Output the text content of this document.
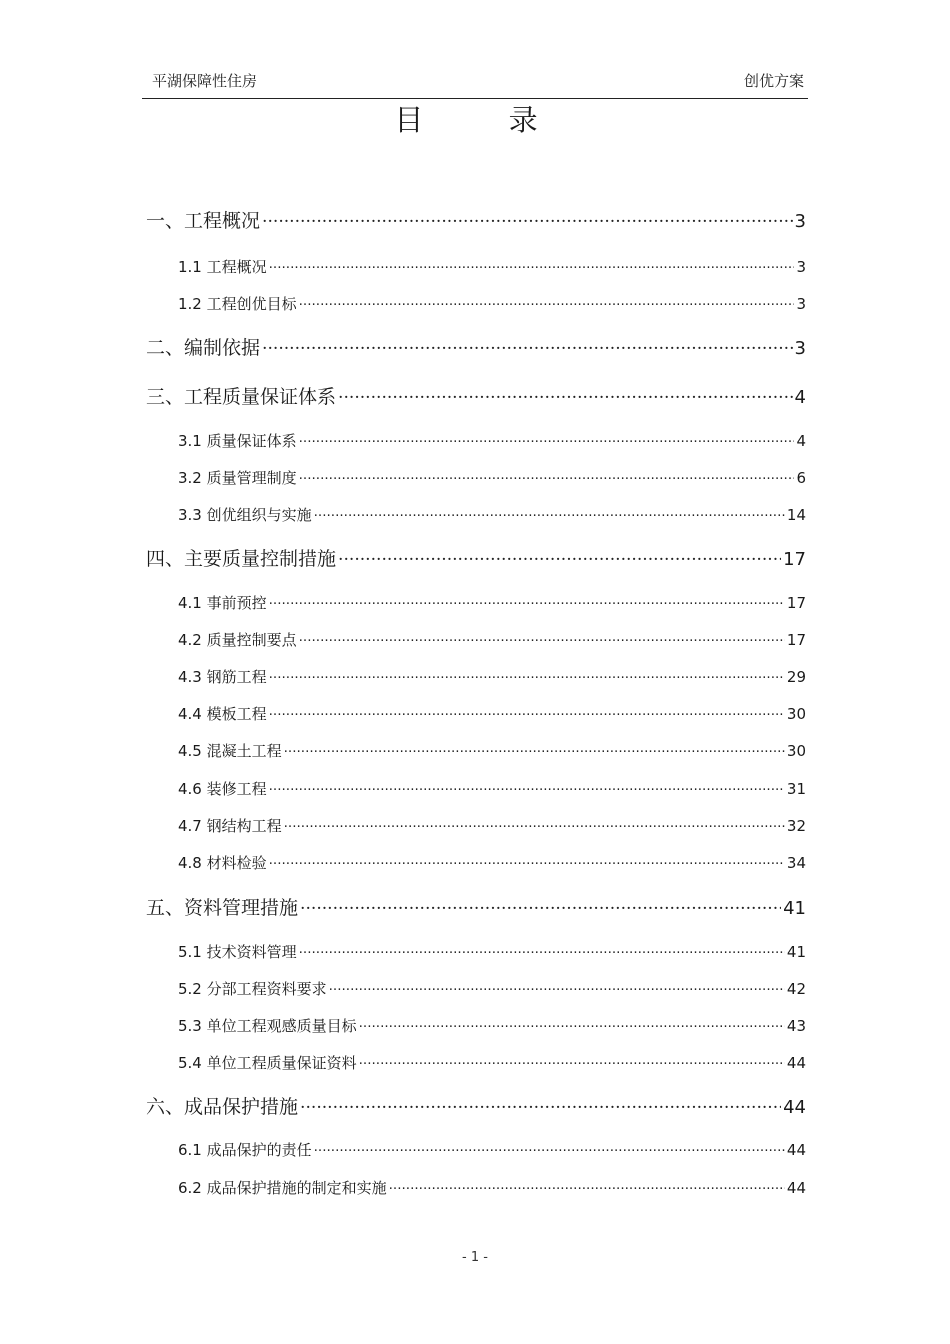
平湖保障性住房	创优方案
目 录
一、工程概况 .....	3
1.1 工程概况 .....	3
1.2 工程创优目标 .....	3
二、编制依据 .....	3
三、工程质量保证体系 .....	4
3.1 质量保证体系 .....	4
3.2 质量管理制度 .....	6
3.3 创优组织与实施 .....	14
四、主要质量控制措施 .....	17
4.1 事前预控 .....	17
4.2 质量控制要点 .....	17
4.3 钢筋工程 .....	29
4.4 模板工程 .....	30
4.5 混凝土工程 .....	30
4.6 装修工程 .....	31
4.7 钢结构工程 .....	32
4.8 材料检验 .....	34
五、资料管理措施 .....	41
5.1 技术资料管理 .....	41
5.2 分部工程资料要求 .....	42
5.3 单位工程观感质量目标 .....	43
5.4 单位工程质量保证资料 .....	44
六、成品保护措施 .....	44
6.1 成品保护的责任 .....	44
6.2 成品保护措施的制定和实施 .....	44
- 1 -
